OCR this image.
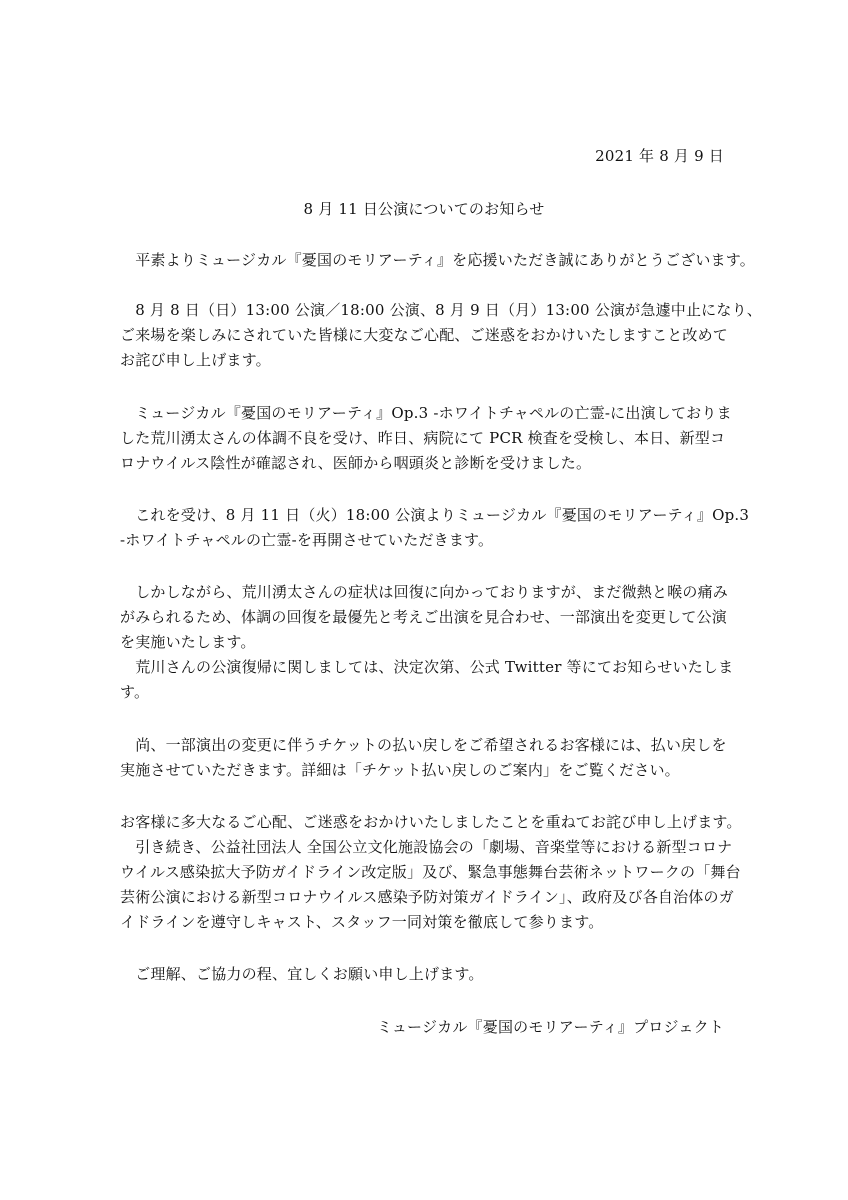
2021 年 8 月 9 日
8 月 11 日公演についてのお知らせ
　平素よりミュージカル『憂国のモリアーティ』を応援いただき誠にありがとうございます。
　8 月 8 日（日）13:00 公演／18:00 公演、8 月 9 日（月）13:00 公演が急遽中止になり、
ご来場を楽しみにされていた皆様に大変なご心配、ご迷惑をおかけいたしますこと改めて
お詫び申し上げます。
　ミュージカル『憂国のモリアーティ』Op.3 -ホワイトチャペルの亡霊-に出演しておりま
した荒川湧太さんの体調不良を受け、昨日、病院にて PCR 検査を受検し、本日、新型コ
ロナウイルス陰性が確認され、医師から咽頭炎と診断を受けました。
　これを受け、8 月 11 日（火）18:00 公演よりミュージカル『憂国のモリアーティ』Op.3
-ホワイトチャペルの亡霊-を再開させていただきます。
　しかしながら、荒川湧太さんの症状は回復に向かっておりますが、まだ微熱と喉の痛み
がみられるため、体調の回復を最優先と考えご出演を見合わせ、一部演出を変更して公演
を実施いたします。
　荒川さんの公演復帰に関しましては、決定次第、公式 Twitter 等にてお知らせいたしま
す。
　尚、一部演出の変更に伴うチケットの払い戻しをご希望されるお客様には、払い戻しを
実施させていただきます。詳細は「チケット払い戻しのご案内」をご覧ください。
お客様に多大なるご心配、ご迷惑をおかけいたしましたことを重ねてお詫び申し上げます。
　引き続き、公益社団法人 全国公立文化施設協会の「劇場、音楽堂等における新型コロナ
ウイルス感染拡大予防ガイドライン改定版」及び、緊急事態舞台芸術ネットワークの「舞台
芸術公演における新型コロナウイルス感染予防対策ガイドライン」、政府及び各自治体のガ
イドラインを遵守しキャスト、スタッフ一同対策を徹底して参ります。
　ご理解、ご協力の程、宜しくお願い申し上げます。
ミュージカル『憂国のモリアーティ』プロジェクト
